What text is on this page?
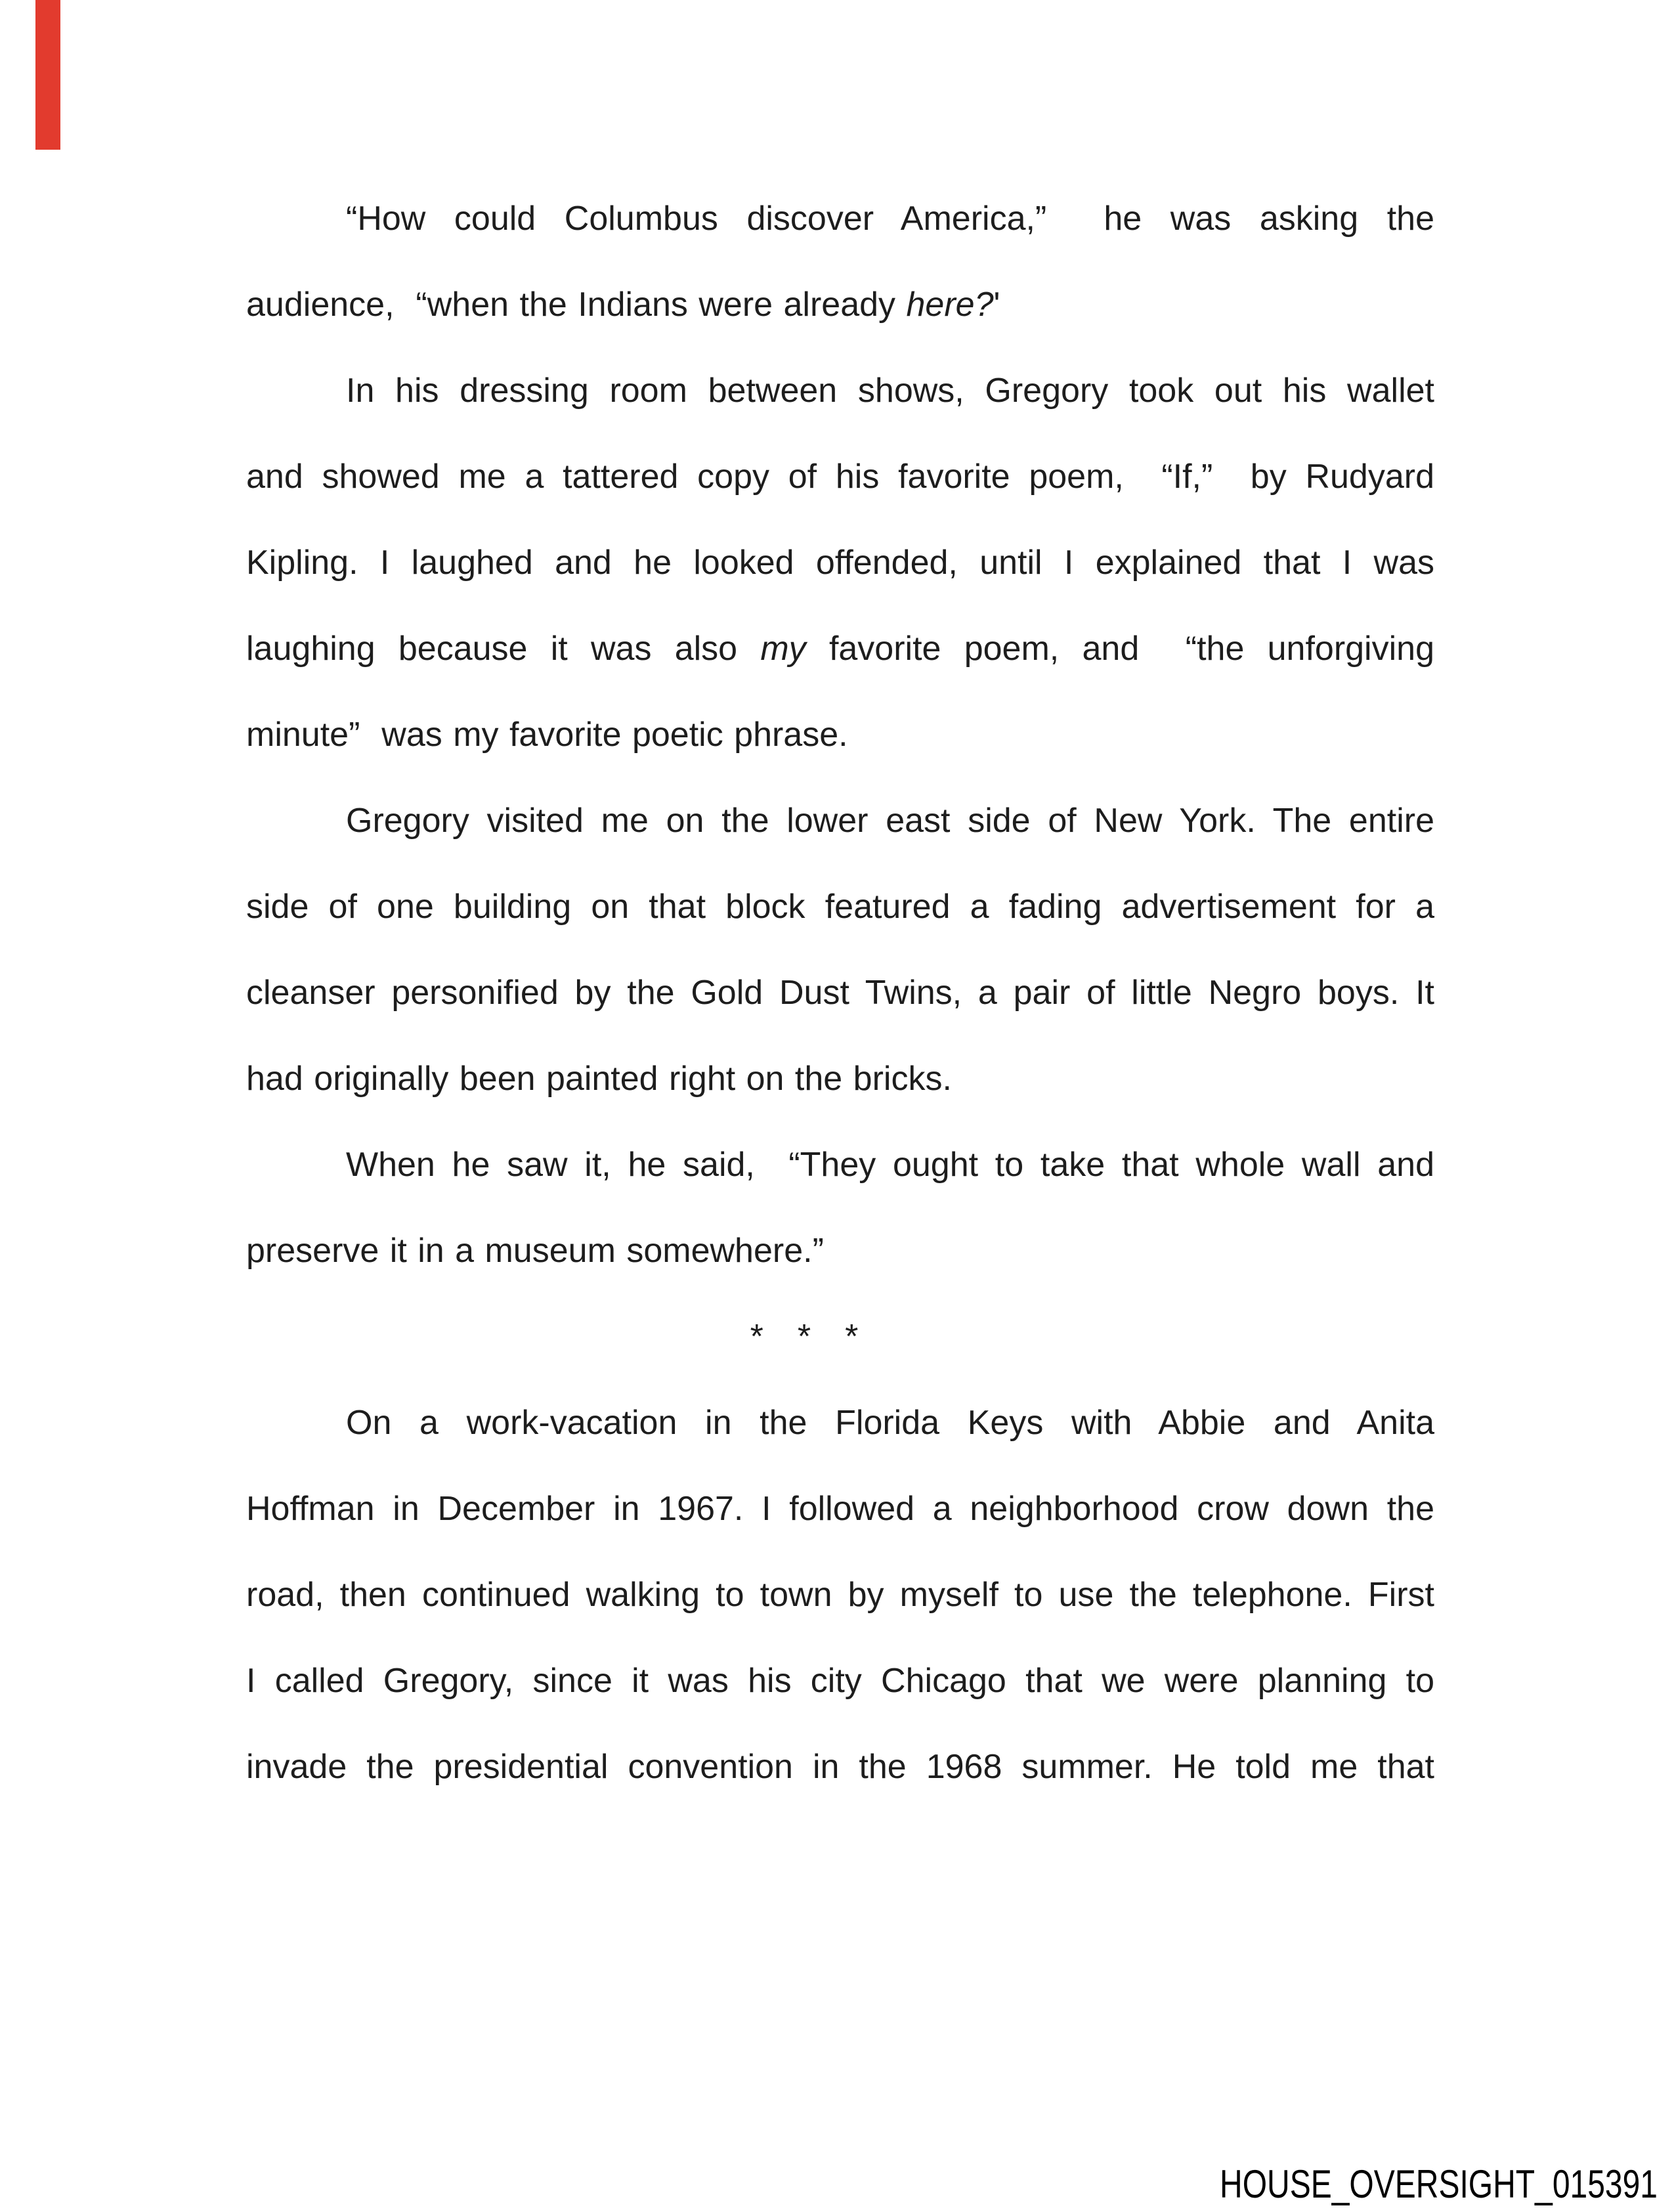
“How could Columbus discover America,”  he was asking the
audience,  “when the Indians were already here?'
In his dressing room between shows, Gregory took out his wallet
and showed me a tattered copy of his favorite poem,  “If,”  by Rudyard
Kipling. I laughed and he looked offended, until I explained that I was
laughing because it was also my favorite poem, and  “the unforgiving
minute”  was my favorite poetic phrase.
Gregory visited me on the lower east side of New York. The entire
side of one building on that block featured a fading advertisement for a
cleanser personified by the Gold Dust Twins, a pair of little Negro boys. It
had originally been painted right on the bricks.
When he saw it, he said,  “They ought to take that whole wall and
preserve it in a museum somewhere.”
*  *  *
On a work-vacation in the Florida Keys with Abbie and Anita
Hoffman in December in 1967. I followed a neighborhood crow down the
road, then continued walking to town by myself to use the telephone. First
I called Gregory, since it was his city Chicago that we were planning to
invade the presidential convention in the 1968 summer. He told me that
HOUSE_OVERSIGHT_015391
